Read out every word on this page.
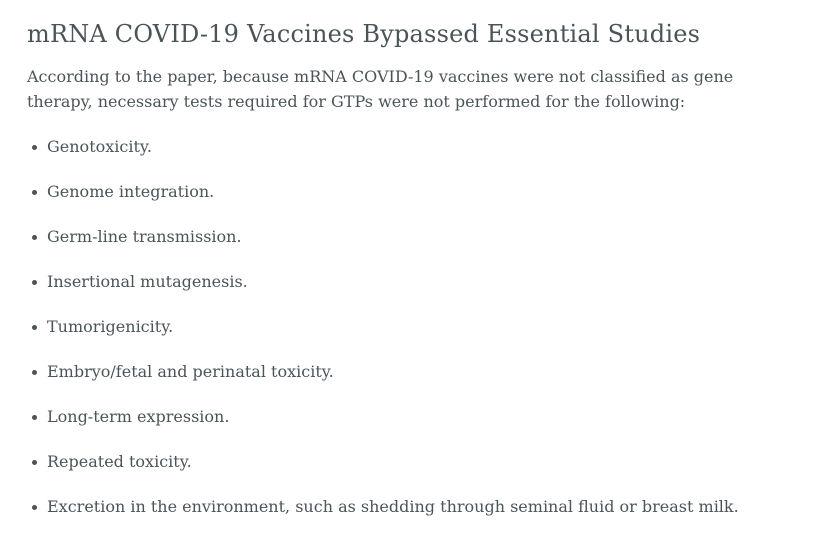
mRNA COVID-19 Vaccines Bypassed Essential Studies

According to the paper, because mRNA COVID-19 vaccines were not classified as gene therapy, necessary tests required for GTPs were not performed for the following:

Genotoxicity.
Genome integration.
Germ-line transmission.
Insertional mutagenesis.
Tumorigenicity.
Embryo/fetal and perinatal toxicity.
Long-term expression.
Repeated toxicity.
Excretion in the environment, such as shedding through seminal fluid or breast milk.
